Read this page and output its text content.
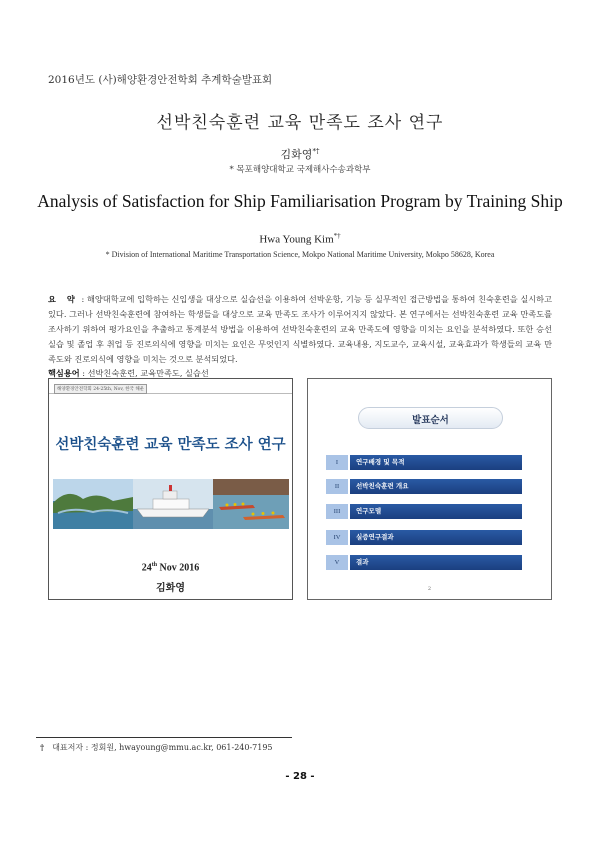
2016년도 (사)해양환경안전학회 추계학술발표회
선박친숙훈련 교육 만족도 조사 연구
김화영*†
* 목포해양대학교 국제해사수송과학부
Analysis of Satisfaction for Ship Familiarisation Program by Training Ship
Hwa Young Kim*†
* Division of International Maritime Transportation Science, Mokpo National Maritime University, Mokpo 58628, Korea
요 약 : 해양대학교에 입학하는 신입생을 대상으로 실습선을 이용하여 선박운항, 기능 등 실무적인 접근방법을 통하여 친숙훈련을 실시하고 있다. 그러나 선박친숙훈련에 참여하는 학생들을 대상으로 교육 만족도 조사가 이루어지지 않았다. 본 연구에서는 선박친숙훈련 교육 만족도를 조사하기 위하여 평가요인을 추출하고 통계분석 방법을 이용하여 선박친숙훈련의 교육 만족도에 영향을 미치는 요인을 분석하였다. 또한 승선실습 및 졸업 후 취업 등 진로의식에 영향을 미치는 요인은 무엇인지 식별하였다. 교육내용, 지도교수, 교육시설, 교육효과가 학생들의 교육 만족도와 진로의식에 영향을 미치는 것으로 분석되었다.
핵심용어 : 선박친숙훈련, 교육만족도, 실습선
해양환경안전학회 24-25th, Nov, 한국 해운
선박친숙훈련 교육 만족도 조사 연구
24th Nov 2016
김화영
발표순서
I	연구배경 및 목적
II	선박친숙훈련 개요
III	연구모델
IV	실증연구결과
V	결과
2
† 대표저자 : 정회원, hwayoung@mmu.ac.kr, 061-240-7195
- 28 -
